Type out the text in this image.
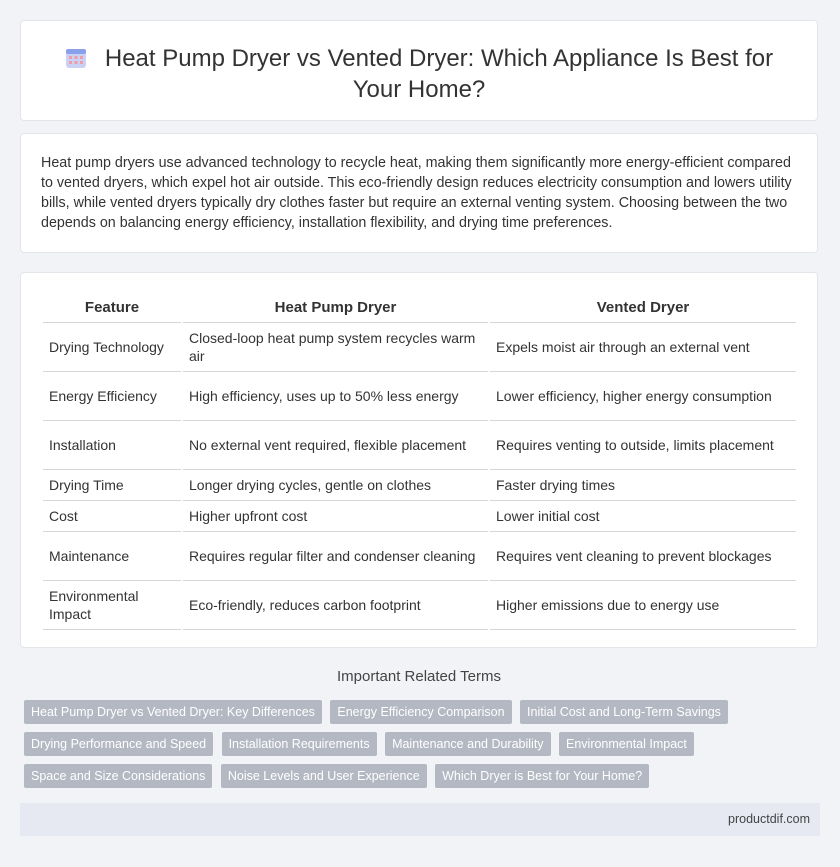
Heat Pump Dryer vs Vented Dryer: Which Appliance Is Best for Your Home?

Heat pump dryers use advanced technology to recycle heat, making them significantly more energy-efficient compared to vented dryers, which expel hot air outside. This eco-friendly design reduces electricity consumption and lowers utility bills, while vented dryers typically dry clothes faster but require an external venting system. Choosing between the two depends on balancing energy efficiency, installation flexibility, and drying time preferences.

Feature	Heat Pump Dryer	Vented Dryer
Drying Technology	Closed-loop heat pump system recycles warm air	Expels moist air through an external vent
Energy Efficiency	High efficiency, uses up to 50% less energy	Lower efficiency, higher energy consumption
Installation	No external vent required, flexible placement	Requires venting to outside, limits placement
Drying Time	Longer drying cycles, gentle on clothes	Faster drying times
Cost	Higher upfront cost	Lower initial cost
Maintenance	Requires regular filter and condenser cleaning	Requires vent cleaning to prevent blockages
Environmental Impact	Eco-friendly, reduces carbon footprint	Higher emissions due to energy use
Important Related Terms
Heat Pump Dryer vs Vented Dryer: Key Differences Energy Efficiency Comparison Initial Cost and Long-Term Savings Drying Performance and Speed Installation Requirements Maintenance and Durability Environmental Impact Space and Size Considerations Noise Levels and User Experience Which Dryer is Best for Your Home?
productdif.com
